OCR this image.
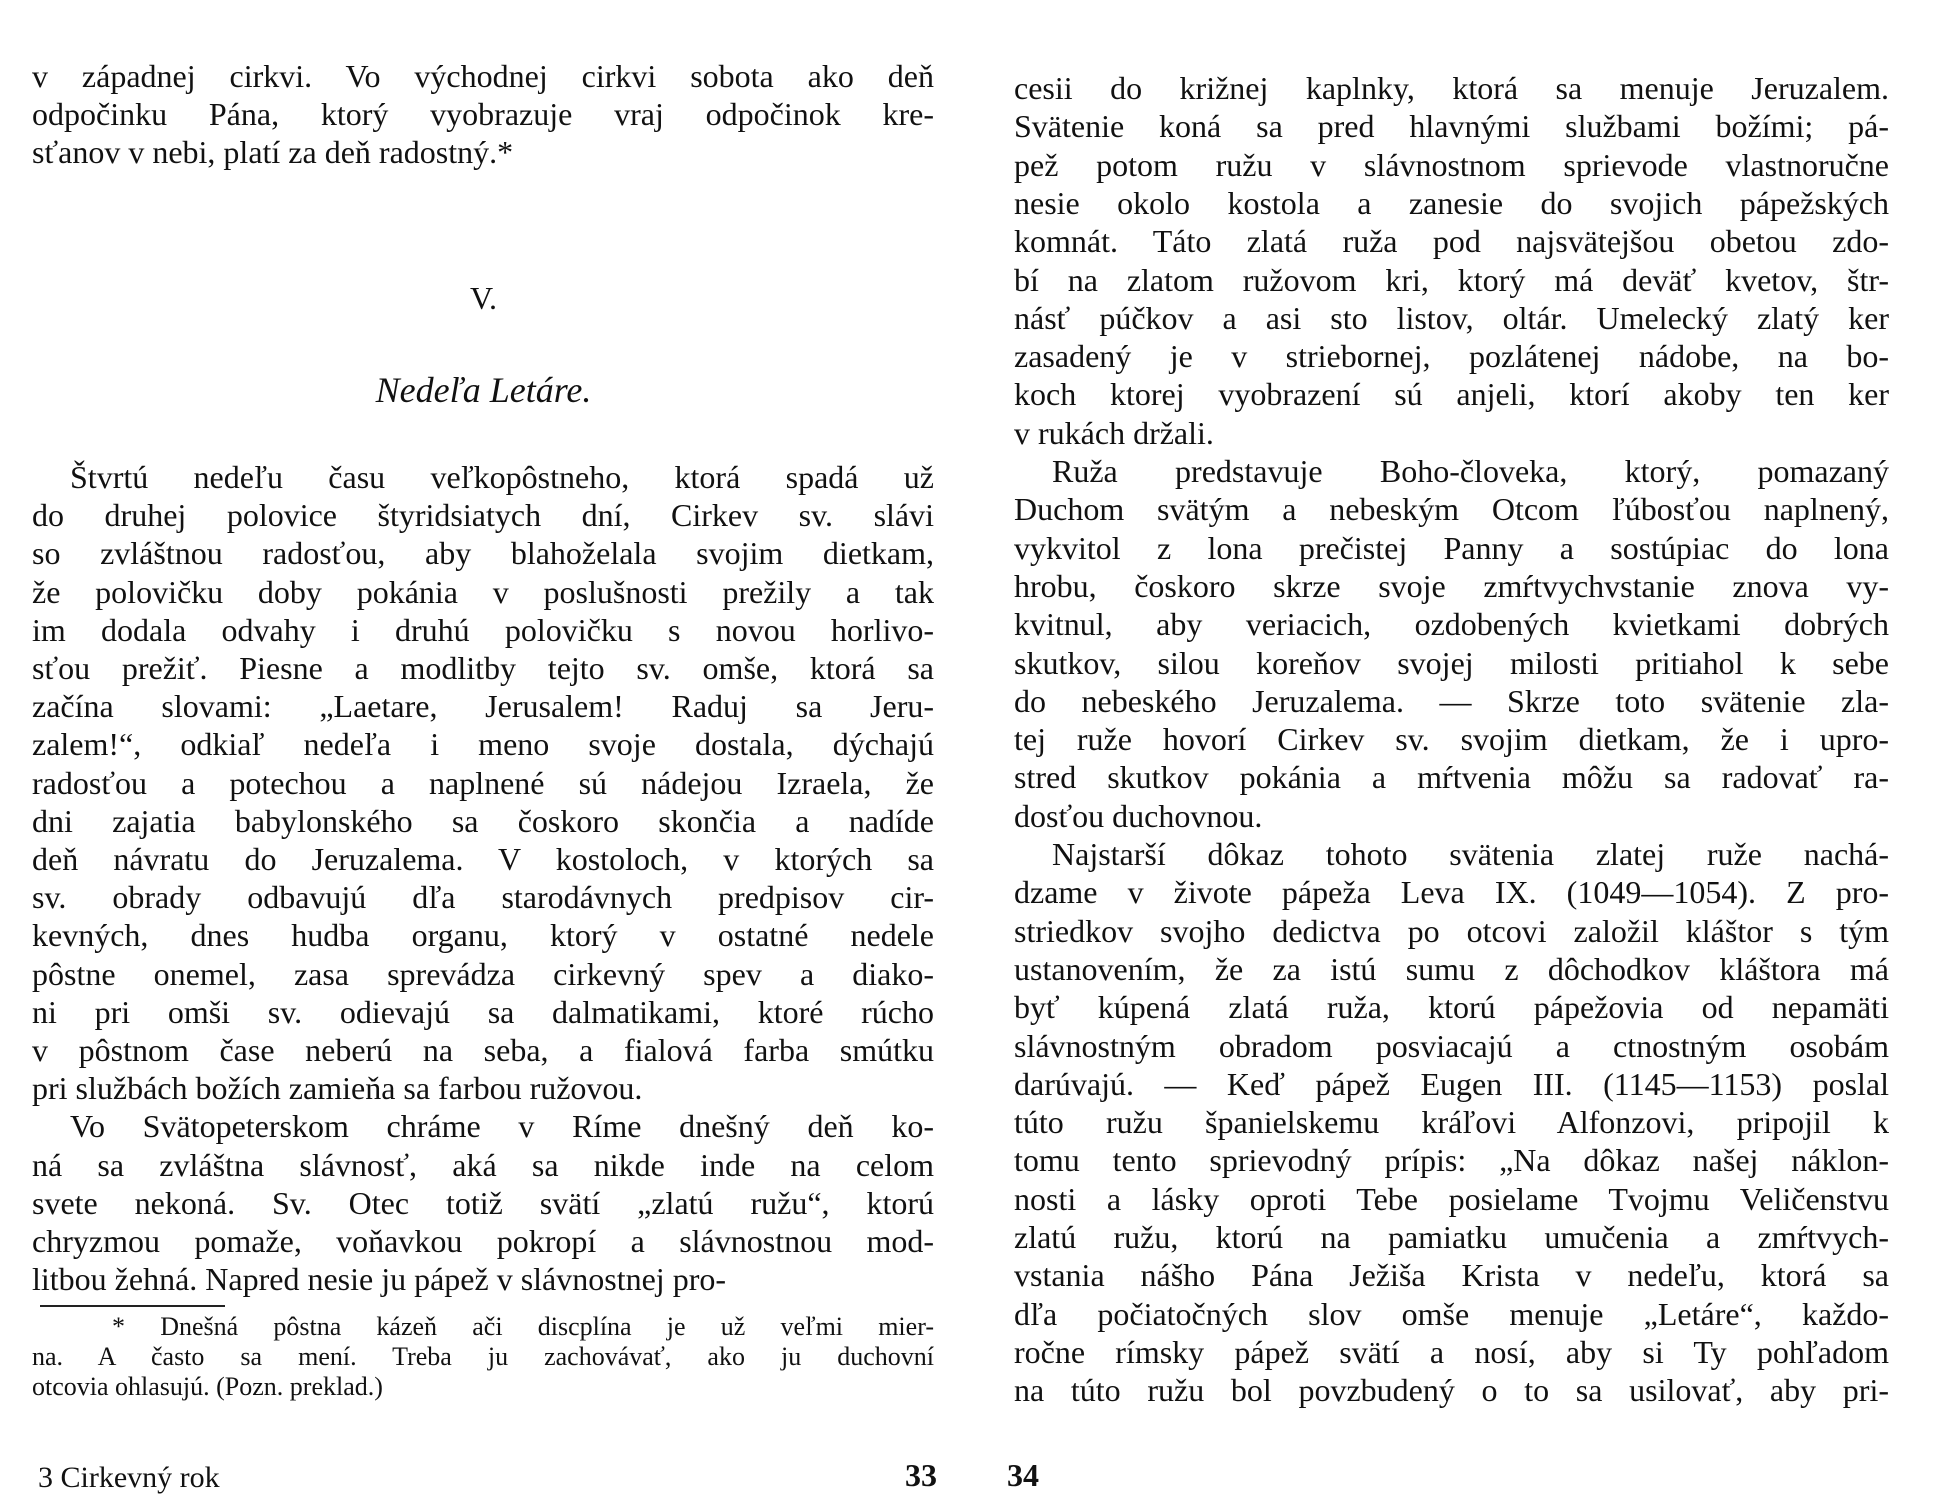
v západnej cirkvi. Vo východnej cirkvi sobota ako deň
odpočinku Pána, ktorý vyobrazuje vraj odpočinok kre-
sťanov v nebi, platí za deň radostný.*
V.
Nedeľa Letáre.
Štvrtú nedeľu času veľkopôstneho, ktorá spadá už
do druhej polovice štyridsiatych dní, Cirkev sv. slávi
so zvláštnou radosťou, aby blahoželala svojim dietkam,
že polovičku doby pokánia v poslušnosti prežily a tak
im dodala odvahy i druhú polovičku s novou horlivo-
sťou prežiť. Piesne a modlitby tejto sv. omše, ktorá sa
začína slovami: „Laetare, Jerusalem! Raduj sa Jeru-
zalem!“, odkiaľ nedeľa i meno svoje dostala, dýchajú
radosťou a potechou a naplnené sú nádejou Izraela, že
dni zajatia babylonského sa čoskoro skončia a nadíde
deň návratu do Jeruzalema. V kostoloch, v ktorých sa
sv. obrady odbavujú dľa starodávnych predpisov cir-
kevných, dnes hudba organu, ktorý v ostatné nedele
pôstne onemel, zasa sprevádza cirkevný spev a diako-
ni pri omši sv. odievajú sa dalmatikami, ktoré rúcho
v pôstnom čase neberú na seba, a fialová farba smútku
pri službách božích zamieňa sa farbou ružovou.
Vo Svätopeterskom chráme v Ríme dnešný deň ko-
ná sa zvláštna slávnosť, aká sa nikde inde na celom
svete nekoná. Sv. Otec totiž svätí „zlatú ružu“, ktorú
chryzmou pomaže, voňavkou pokropí a slávnostnou mod-
litbou žehná. Napred nesie ju pápež v slávnostnej pro-
* Dnešná pôstna kázeň ači discplína je už veľmi mier-
na. A často sa mení. Treba ju zachovávať, ako ju duchovní
otcovia ohlasujú. (Pozn. preklad.)
3 Cirkevný rok	33
cesii do križnej kaplnky, ktorá sa menuje Jeruzalem.
Svätenie koná sa pred hlavnými službami božími; pá-
pež potom ružu v slávnostnom sprievode vlastnoručne
nesie okolo kostola a zanesie do svojich pápežských
komnát. Táto zlatá ruža pod najsvätejšou obetou zdo-
bí na zlatom ružovom kri, ktorý má deväť kvetov, štr-
násť púčkov a asi sto listov, oltár. Umelecký zlatý ker
zasadený je v striebornej, pozlátenej nádobe, na bo-
koch ktorej vyobrazení sú anjeli, ktorí akoby ten ker
v rukách držali.
Ruža predstavuje Boho-človeka, ktorý, pomazaný
Duchom svätým a nebeským Otcom ľúbosťou naplnený,
vykvitol z lona prečistej Panny a sostúpiac do lona
hrobu, čoskoro skrze svoje zmŕtvychvstanie znova vy-
kvitnul, aby veriacich, ozdobených kvietkami dobrých
skutkov, silou koreňov svojej milosti pritiahol k sebe
do nebeského Jeruzalema. — Skrze toto svätenie zla-
tej ruže hovorí Cirkev sv. svojim dietkam, že i upro-
stred skutkov pokánia a mŕtvenia môžu sa radovať ra-
dosťou duchovnou.
Najstarší dôkaz tohoto svätenia zlatej ruže nachá-
dzame v živote pápeža Leva IX. (1049—1054). Z pro-
striedkov svojho dedictva po otcovi založil kláštor s tým
ustanovením, že za istú sumu z dôchodkov kláštora má
byť kúpená zlatá ruža, ktorú pápežovia od nepamäti
slávnostným obradom posviacajú a ctnostným osobám
darúvajú. — Keď pápež Eugen III. (1145—1153) poslal
túto ružu španielskemu kráľovi Alfonzovi, pripojil k
tomu tento sprievodný prípis: „Na dôkaz našej náklon-
nosti a lásky oproti Tebe posielame Tvojmu Veličenstvu
zlatú ružu, ktorú na pamiatku umučenia a zmŕtvych-
vstania nášho Pána Ježiša Krista v nedeľu, ktorá sa
dľa počiatočných slov omše menuje „Letáre“, každo-
ročne rímsky pápež svätí a nosí, aby si Ty pohľadom
na túto ružu bol povzbudený o to sa usilovať, aby pri-
34
